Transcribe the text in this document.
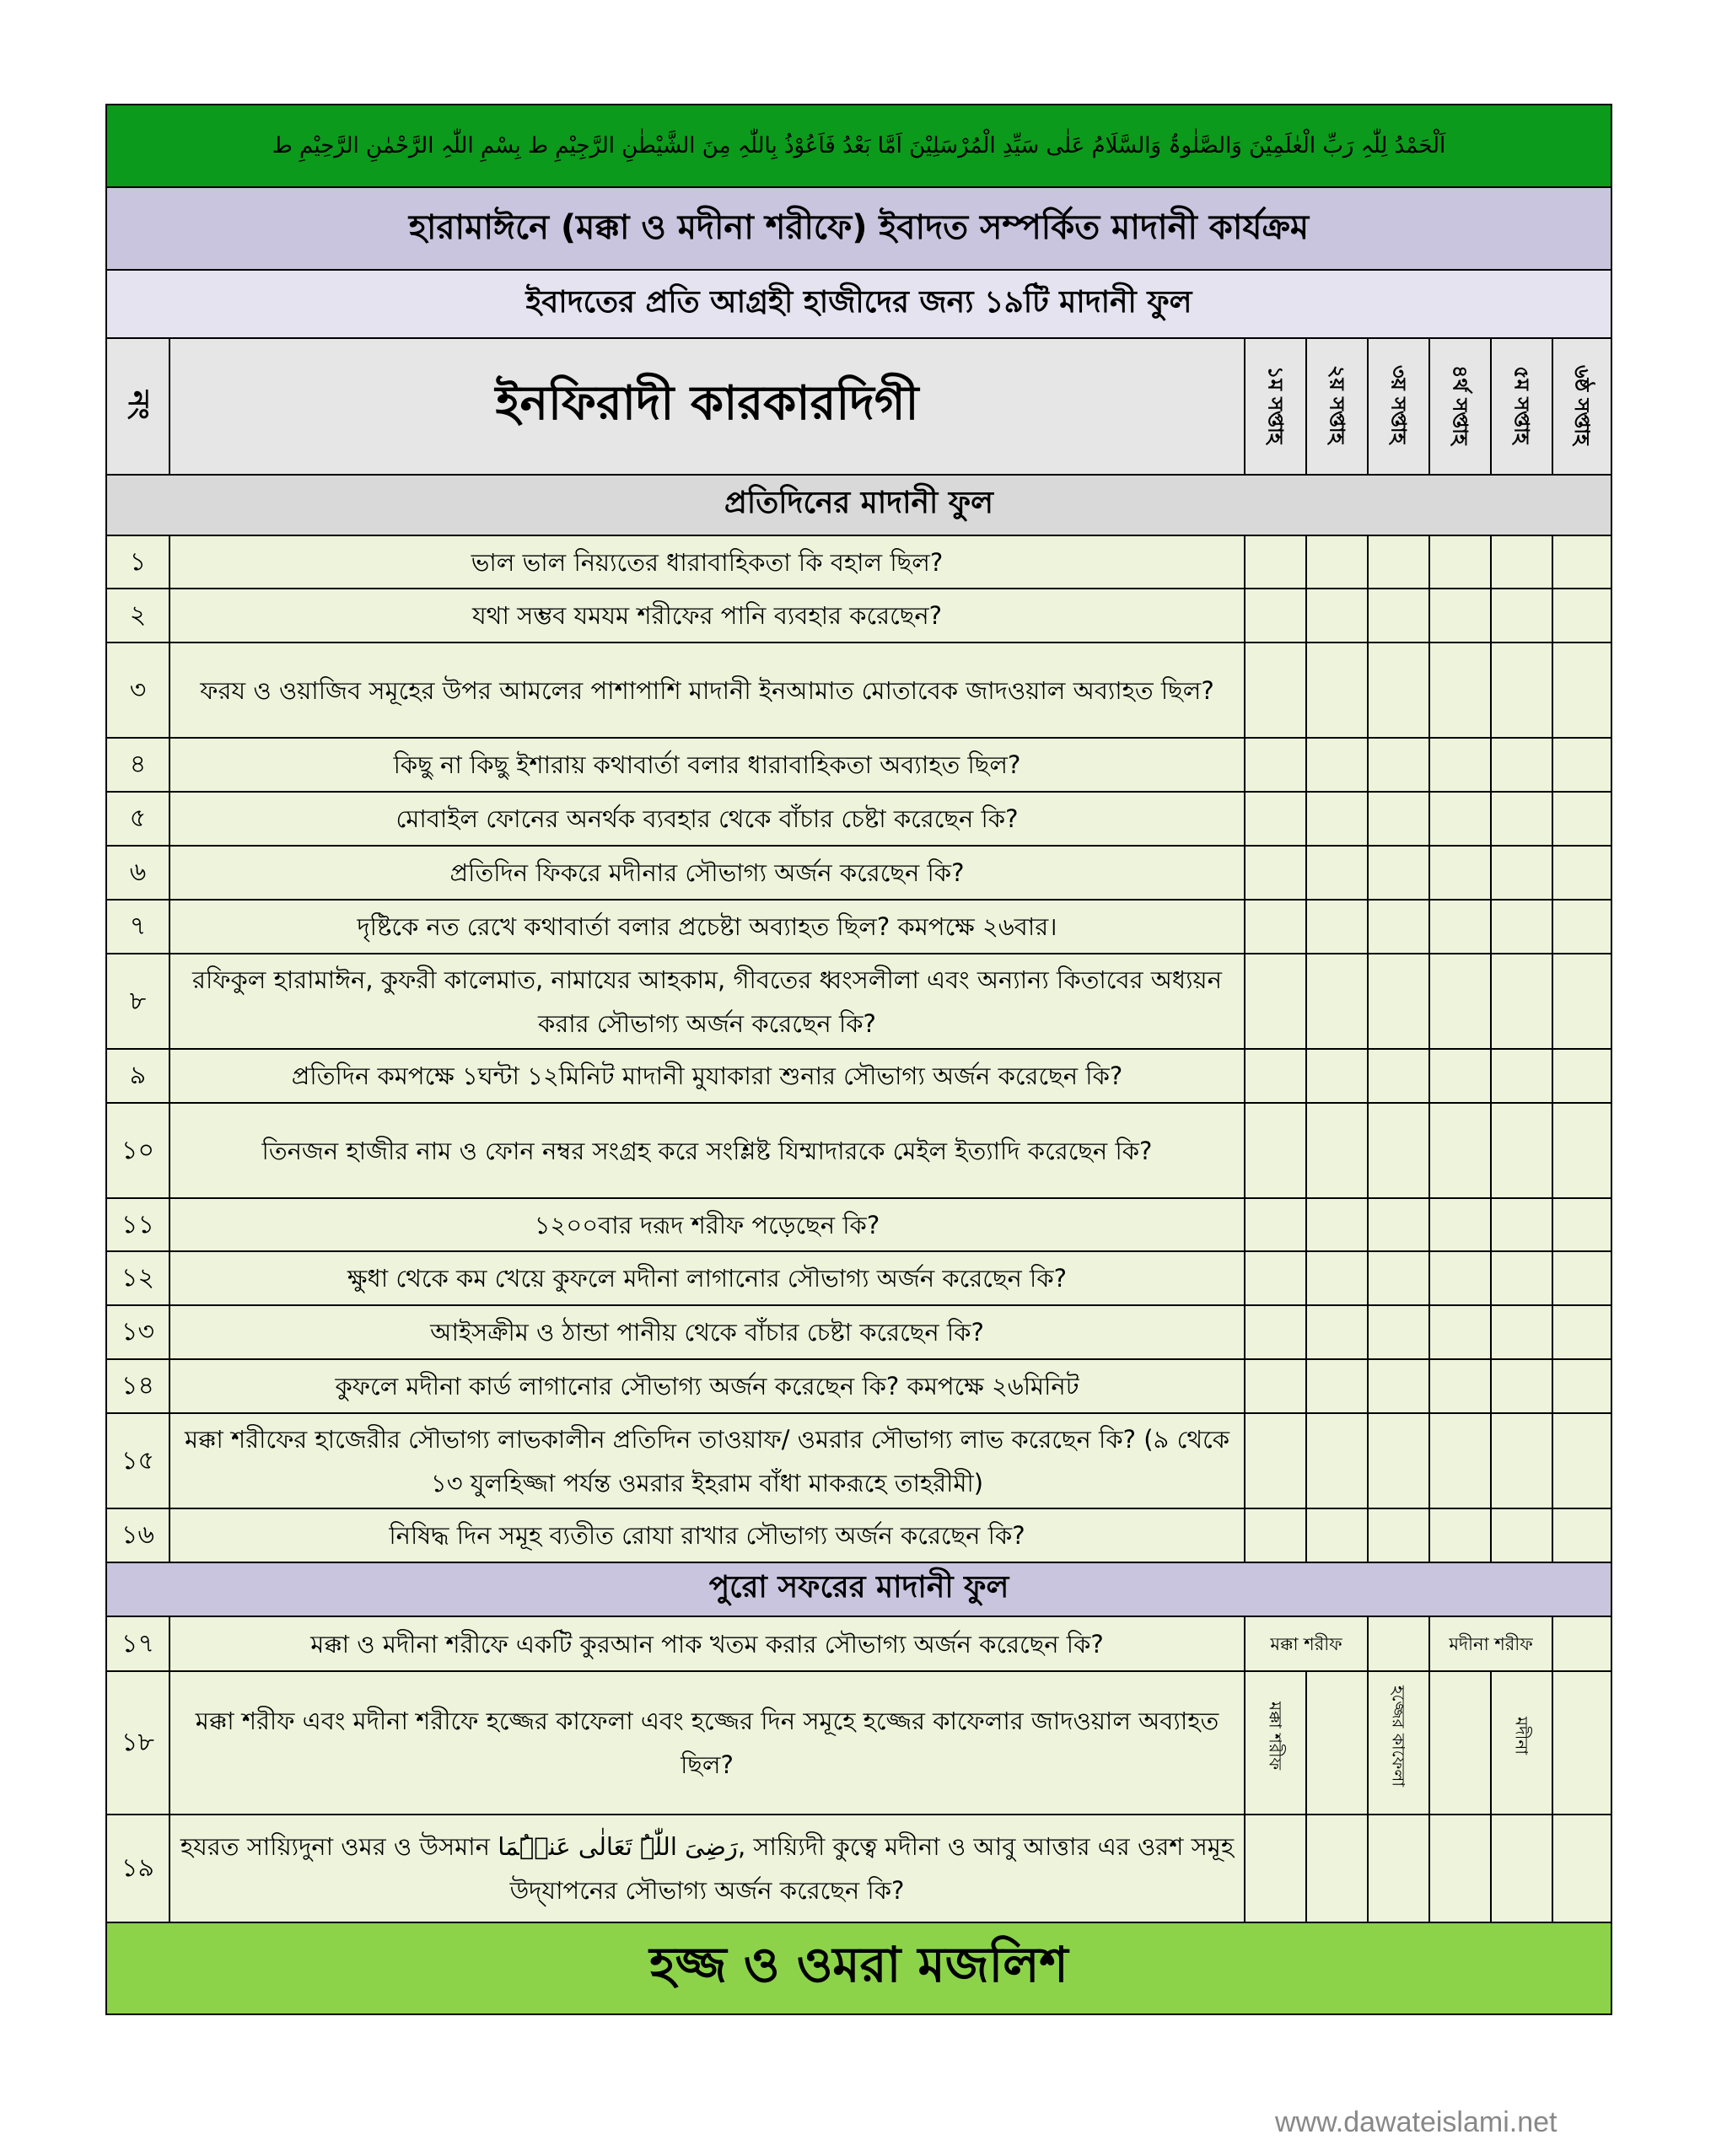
اَلْحَمْدُ لِلّٰہِ رَبِّ الْعٰلَمِیْنَ وَالصَّلٰوۃُ وَالسَّلَامُ عَلٰی سَیِّدِ الْمُرْسَلِیْنَ اَمَّا بَعْدُ فَاَعُوْذُ بِاللّٰہِ مِنَ الشَّیْطٰنِ الرَّجِیْمِ ط بِسْمِ اللّٰہِ الرَّحْمٰنِ الرَّحِیْمِ ط							
হারামাঈনে (মক্কা ও মদীনা শরীফে) ইবাদত সম্পর্কিত মাদানী কার্যক্রম							
ইবাদতের প্রতি আগ্রহী হাজীদের জন্য ১৯টি মাদানী ফুল							
নং	ইনফিরাদী কারকারদিগী	১ম সপ্তাহ	২য় সপ্তাহ	৩য় সপ্তাহ	৪র্থ সপ্তাহ	৫ম সপ্তাহ	৬ষ্ঠ সপ্তাহ
প্রতিদিনের মাদানী ফুল							
১	ভাল ভাল নিয়্যতের ধারাবাহিকতা কি বহাল ছিল?						
২	যথা সম্ভব যমযম শরীফের পানি ব্যবহার করেছেন?						
৩	ফরয ও ওয়াজিব সমূহের উপর আমলের পাশাপাশি মাদানী ইনআমাত মোতাবেক জাদওয়াল অব্যাহত ছিল?						
৪	কিছু না কিছু ইশারায় কথাবার্তা বলার ধারাবাহিকতা অব্যাহত ছিল?						
৫	মোবাইল ফোনের অনর্থক ব্যবহার থেকে বাঁচার চেষ্টা করেছেন কি?						
৬	প্রতিদিন ফিকরে মদীনার সৌভাগ্য অর্জন করেছেন কি?						
৭	দৃষ্টিকে নত রেখে কথাবার্তা বলার প্রচেষ্টা অব্যাহত ছিল? কমপক্ষে ২৬বার।						
৮	রফিকুল হারামাঈন, কুফরী কালেমাত, নামাযের আহকাম, গীবতের ধ্বংসলীলা এবং অন্যান্য কিতাবের অধ্যয়ন করার সৌভাগ্য অর্জন করেছেন কি?						
৯	প্রতিদিন কমপক্ষে ১ঘন্টা ১২মিনিট মাদানী মুযাকারা শুনার সৌভাগ্য অর্জন করেছেন কি?						
১০	তিনজন হাজীর নাম ও ফোন নম্বর সংগ্রহ করে সংশ্লিষ্ট যিম্মাদারকে মেইল ইত্যাদি করেছেন কি?						
১১	১২০০বার দরূদ শরীফ পড়েছেন কি?						
১২	ক্ষুধা থেকে কম খেয়ে কুফলে মদীনা লাগানোর সৌভাগ্য অর্জন করেছেন কি?						
১৩	আইসক্রীম ও ঠান্ডা পানীয় থেকে বাঁচার চেষ্টা করেছেন কি?						
১৪	কুফলে মদীনা কার্ড লাগানোর সৌভাগ্য অর্জন করেছেন কি? কমপক্ষে ২৬মিনিট						
১৫	মক্কা শরীফের হাজেরীর সৌভাগ্য লাভকালীন প্রতিদিন তাওয়াফ/ ওমরার সৌভাগ্য লাভ করেছেন কি? (৯ থেকে ১৩ যুলহিজ্জা পর্যন্ত ওমরার ইহরাম বাঁধা মাকরূহে তাহরীমী)						
১৬	নিষিদ্ধ দিন সমূহ ব্যতীত রোযা রাখার সৌভাগ্য অর্জন করেছেন কি?						
পুরো সফরের মাদানী ফুল							
১৭	মক্কা ও মদীনা শরীফে একটি কুরআন পাক খতম করার সৌভাগ্য অর্জন করেছেন কি?	মক্কা শরীফ			মদীনা শরীফ		
১৮	মক্কা শরীফ এবং মদীনা শরীফে হজ্জের কাফেলা এবং হজ্জের দিন সমূহে হজ্জের কাফেলার জাদওয়াল অব্যাহত ছিল?	মক্কা শরীফ		হজ্জের কাফেলা		মদীনা	
১৯	হযরত সায়্যিদুনা ওমর ও উসমান رَضِیَ اللّٰہُ تَعَالٰی عَنۡہُمَا, সায়্যিদী কুত্বে মদীনা ও আবু আত্তার এর ওরশ সমূহ উদ্‌যাপনের সৌভাগ্য অর্জন করেছেন কি?						
হজ্জ ও ওমরা মজলিশ							
www.dawateislami.net
